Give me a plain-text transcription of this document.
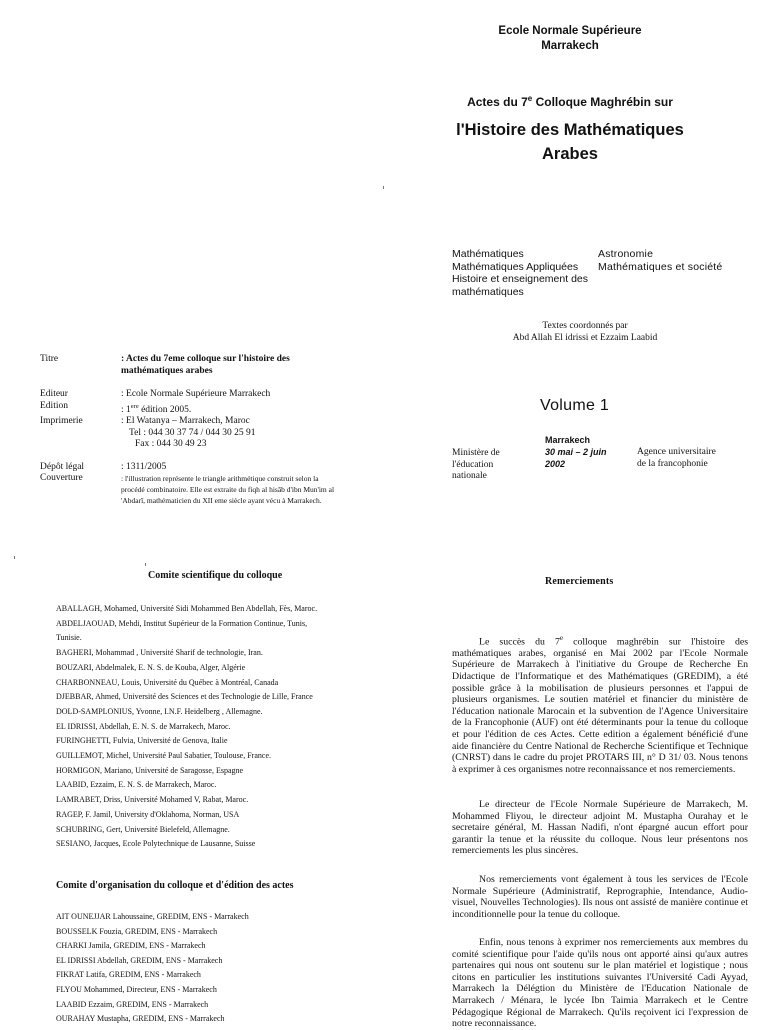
Ecole Normale Supérieure
Marrakech
Actes du 7e Colloque Maghrébin sur
l'Histoire des Mathématiques
Arabes
Mathématiques
Mathématiques Appliquées
Histoire et enseignement des
mathématiques
Astronomie
Mathématiques et société
Textes coordonnés par
Abd Allah El idrissi et Ezzaim Laabid
Volume 1
Marrakech
30 mai – 2 juin
2002
Ministère de
l'éducation
nationale
Agence universitaire
de la francophonie
Titre	: Actes du 7eme colloque sur l'histoire des mathématiques arabes
Editeur	: Ecole Normale Supérieure Marrakech
Edition	: 1ere édition 2005.
Imprimerie	: El Watanya – Marrakech, Maroc
Tel : 044 30 37 74 / 044 30 25 91
Fax : 044 30 49 23
Dépôt légal	: 1311/2005
Couverture	: l'illustration représente le triangle arithmétique construit selon la procédé combinatoire. Elle est extraite du fiqh al hisāb d'ibn Mun'im al 'Abdarī, mathématicien du XII eme siècle ayant vécu à Marrakech.
Comite scientifique du colloque
ABALLAGH, Mohamed, Université Sidi Mohammed Ben Abdellah, Fès, Maroc.
ABDELJAOUAD, Mehdi, Institut Supérieur de la Formation Continue, Tunis,
Tunisie.
BAGHERI, Mohammad , Université Sharif de technologie, Iran.
BOUZARI, Abdelmalek, E. N. S. de Kouba, Alger, Algérie
CHARBONNEAU, Louis, Université du Québec à Montréal, Canada
DJEBBAR, Ahmed, Université des Sciences et des Technologie de Lille, France
DOLD-SAMPLONIUS, Yvonne, I.N.F. Heidelberg , Allemagne.
EL IDRISSI, Abdellah, E. N. S. de Marrakech, Maroc.
FURINGHETTI, Fulvia, Université de Genova, Italie
GUILLEMOT, Michel, Université Paul Sabatier, Toulouse, France.
HORMIGON, Mariano, Université de Saragosse, Espagne
LAABID, Ezzaim, E. N. S. de Marrakech, Maroc.
LAMRABET, Driss, Université Mohamed V, Rabat, Maroc.
RAGEP, F. Jamil, University d'Oklahoma, Norman, USA
SCHUBRING, Gert, Université Bielefeld, Allemagne.
SESIANO, Jacques, Ecole Polytechnique de Lausanne, Suisse
Comite d'organisation du colloque et d'édition des actes
AIT OUNEJJAR Lahoussaine, GREDIM, ENS - Marrakech
BOUSSELK Fouzia, GREDIM, ENS - Marrakech
CHARKI Jamila, GREDIM, ENS - Marrakech
EL IDRISSI Abdellah, GREDIM, ENS - Marrakech
FIKRAT Latifa, GREDIM, ENS - Marrakech
FLYOU Mohammed, Directeur, ENS - Marrakech
LAABID Ezzaim, GREDIM, ENS - Marrakech
OURAHAY Mustapha, GREDIM, ENS - Marrakech
Remerciements
Le succès du 7e colloque maghrébin sur l'histoire des mathématiques arabes, organisé en Mai 2002 par l'Ecole Normale Supérieure de Marrakech à l'initiative du Groupe de Recherche En Didactique de l'Informatique et des Mathématiques (GREDIM), a été possible grâce à la mobilisation de plusieurs personnes et l'appui de plusieurs organismes. Le soutien matériel et financier du ministère de l'éducation nationale Marocain et la subvention de l'Agence Universitaire de la Francophonie (AUF) ont été déterminants pour la tenue du colloque et pour l'édition de ces Actes. Cette edition a également bénéficié d'une aide financière du Centre National de Recherche Scientifique et Technique (CNRST) dans le cadre du projet PROTARS III, n° D 31/ 03. Nous tenons à exprimer à ces organismes notre reconnaissance et nos remerciements.
Le directeur de l'Ecole Normale Supérieure de Marrakech, M. Mohammed Fliyou, le directeur adjoint M. Mustapha Ourahay et le secretaire général, M. Hassan Nadifi, n'ont épargné aucun effort pour garantir la tenue et la réussite du colloque. Nous leur présentons nos remerciements les plus sincères.
Nos remerciements vont également à tous les services de l'Ecole Normale Supérieure (Administratif, Reprographie, Intendance, Audio-visuel, Nouvelles Technologies). Ils nous ont assisté de manière continue et inconditionnelle pour la tenue du colloque.
Enfin, nous tenons à exprimer nos remerciements aux membres du comité scientifique pour l'aide qu'ils nous ont apporté ainsi qu'aux autres partenaires qui nous ont soutenu sur le plan matériel et logistique ; nous citons en particulier les institutions suivantes l'Université Cadi Ayyad, Marrakech la Délégtion du Ministère de l'Education Nationale de Marrakech / Ménara, le lycée Ibn Taimia Marrakech et le Centre Pédagogique Régional de Marrakech. Qu'ils reçoivent ici l'expression de notre reconnaissance.
